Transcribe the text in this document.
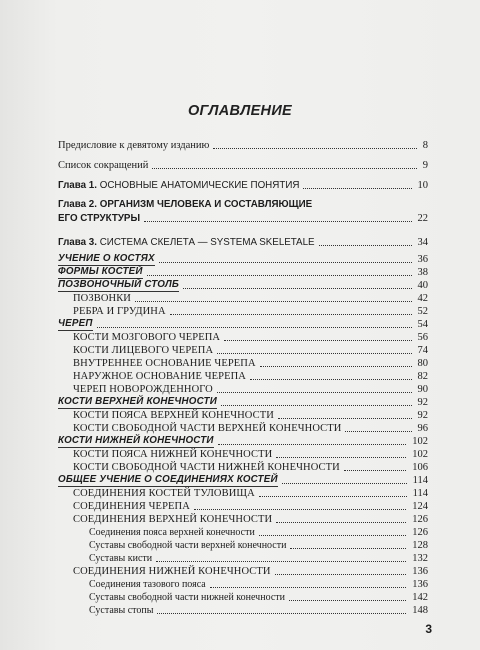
ОГЛАВЛЕНИЕ
Предисловие к девятому изданию	8
Список сокращений	9
Глава 1. ОСНОВНЫЕ АНАТОМИЧЕСКИЕ ПОНЯТИЯ	10
Глава 2. ОРГАНИЗМ ЧЕЛОВЕКА И СОСТАВЛЯЮЩИЕ
ЕГО СТРУКТУРЫ	22
Глава 3. СИСТЕМА СКЕЛЕТА — SYSTEMA SKELETALE	34
УЧЕНИЕ О КОСТЯХ	36
ФОРМЫ КОСТЕЙ	38
ПОЗВОНОЧНЫЙ СТОЛБ	40
ПОЗВОНКИ	42
РЕБРА И ГРУДИНА	52
ЧЕРЕП	54
КОСТИ МОЗГОВОГО ЧЕРЕПА	56
КОСТИ ЛИЦЕВОГО ЧЕРЕПА	74
ВНУТРЕННЕЕ ОСНОВАНИЕ ЧЕРЕПА	80
НАРУЖНОЕ ОСНОВАНИЕ ЧЕРЕПА	82
ЧЕРЕП НОВОРОЖДЕННОГО	90
КОСТИ ВЕРХНЕЙ КОНЕЧНОСТИ	92
КОСТИ ПОЯСА ВЕРХНЕЙ КОНЕЧНОСТИ	92
КОСТИ СВОБОДНОЙ ЧАСТИ ВЕРХНЕЙ КОНЕЧНОСТИ	96
КОСТИ НИЖНЕЙ КОНЕЧНОСТИ	102
КОСТИ ПОЯСА НИЖНЕЙ КОНЕЧНОСТИ	102
КОСТИ СВОБОДНОЙ ЧАСТИ НИЖНЕЙ КОНЕЧНОСТИ	106
ОБЩЕЕ УЧЕНИЕ О СОЕДИНЕНИЯХ КОСТЕЙ	114
СОЕДИНЕНИЯ КОСТЕЙ ТУЛОВИЩА	114
СОЕДИНЕНИЯ ЧЕРЕПА	124
СОЕДИНЕНИЯ ВЕРХНЕЙ КОНЕЧНОСТИ	126
Соединения пояса верхней конечности	126
Суставы свободной части верхней конечности	128
Суставы кисти	132
СОЕДИНЕНИЯ НИЖНЕЙ КОНЕЧНОСТИ	136
Соединения тазового пояса	136
Суставы свободной части нижней конечности	142
Суставы стопы	148
3
